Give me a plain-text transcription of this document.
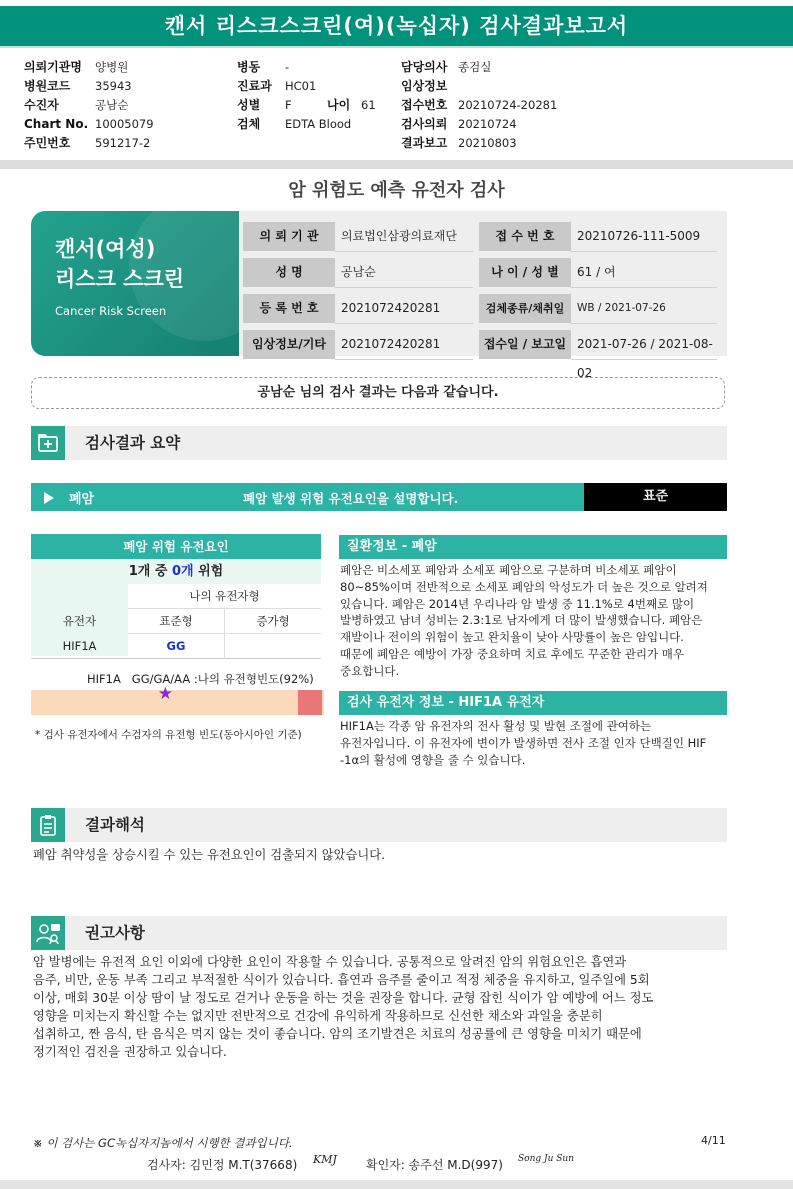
캔서 리스크스크린(여)(녹십자) 검사결과보고서
의뢰기관명 양병원
병원코드 35943
수진자	공남순
Chart No. 10005079
주민번호 591217-2
병동 -
진료과 HC01
성별 F	나이 61
검체 EDTA Blood
담당의사 종검실
임상정보
접수번호 20210724-20281
검사의뢰 20210724
결과보고 20210803
암 위험도 예측 유전자 검사
캔서(여성)
리스크 스크린
Cancer Risk Screen
의 뢰 기 관	의료법인삼광의료재단	접 수 번 호	20210726-111-5009
성 명	공남순	나 이 / 성 별	61 / 여
등 록 번 호	2021072420281	검체종류/채취일	WB / 2021-07-26
임상정보/기타	2021072420281	접수일 / 보고일 2021-07-26 / 2021-08-02
공남순 님의 검사 결과는 다음과 같습니다.
검사결과 요약
폐암	폐암 발생 위험 유전요인을 설명합니다.	표준
폐암 위험 유전요인
1개 중 0개 위험
나의 유전자형
유전자	표준형	증가형
HIF1A	GG
HIF1A   GG/GA/AA :나의 유전형빈도(92%)
★
* 검사 유전자에서 수검자의 유전형 빈도(동아시아인 기준)
질환정보 - 폐암
폐암은 비소세포 폐암과 소세포 폐암으로 구분하며 비소세포 폐암이
80~85%이며 전반적으로 소세포 폐암의 악성도가 더 높은 것으로 알려져
있습니다. 폐암은 2014년 우리나라 암 발생 중 11.1%로 4번째로 많이
발병하였고 남녀 성비는 2.3:1로 남자에게 더 많이 발생했습니다. 폐암은
재발이나 전이의 위험이 높고 완치율이 낮아 사망률이 높은 암입니다.
때문에 폐암은 예방이 가장 중요하며 치료 후에도 꾸준한 관리가 매우
중요합니다.
검사 유전자 정보 - HIF1A 유전자
HIF1A는 각종 암 유전자의 전사 활성 및 발현 조절에 관여하는
유전자입니다. 이 유전자에 변이가 발생하면 전사 조절 인자 단백질인 HIF
-1α의 활성에 영향을 줄 수 있습니다.
결과해석
폐암 취약성을 상승시킬 수 있는 유전요인이 검출되지 않았습니다.
권고사항
암 발병에는 유전적 요인 이외에 다양한 요인이 작용할 수 있습니다. 공통적으로 알려진 암의 위험요인은 흡연과
음주, 비만, 운동 부족 그리고 부적절한 식이가 있습니다. 흡연과 음주를 줄이고 적정 체중을 유지하고, 일주일에 5회
이상, 매회 30분 이상 땀이 날 정도로 걷거나 운동을 하는 것을 권장을 합니다. 균형 잡힌 식이가 암 예방에 어느 정도
영향을 미치는지 확신할 수는 없지만 전반적으로 건강에 유익하게 작용하므로 신선한 채소와 과일을 충분히
섭취하고, 짠 음식, 탄 음식은 먹지 않는 것이 좋습니다. 암의 조기발견은 치료의 성공률에 큰 영향을 미치기 때문에
정기적인 검진을 권장하고 있습니다.
※ 이 검사는 GC녹십자지놈에서 시행한 결과입니다.	4/11
검사자: 김민정 M.T(37668) KMJ 확인자: 송주선 M.D(997) Song Ju Sun
